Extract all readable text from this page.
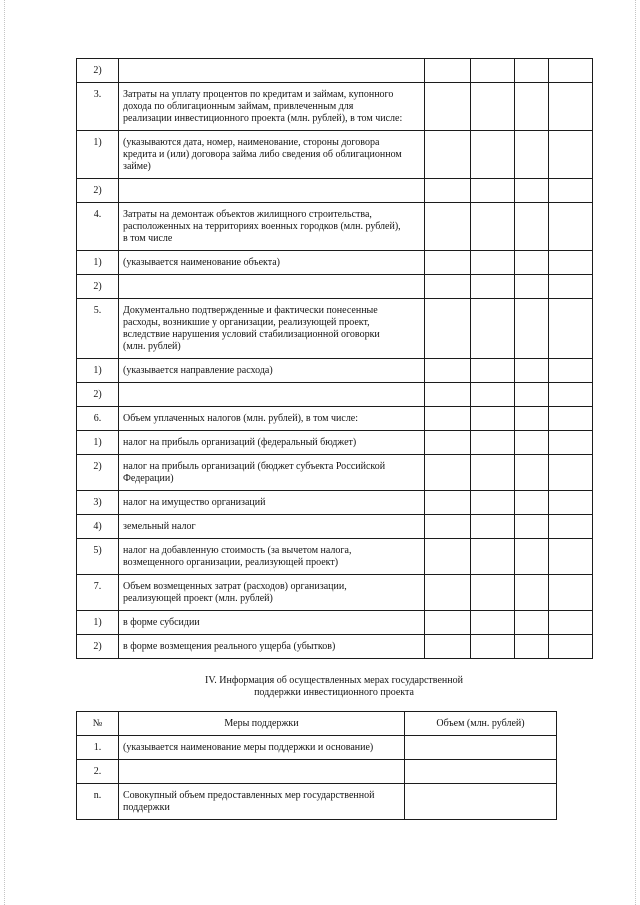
2)					
3.	Затраты на уплату процентов по кредитам и займам, купонного
дохода по облигационным займам, привлеченным для
реализации инвестиционного проекта (млн. рублей), в том числе:				

1)	(указываются дата, номер, наименование, стороны договора
кредита и (или) договора займа либо сведения об облигационном
займе)				

2)					
4.	Затраты на демонтаж объектов жилищного строительства,
расположенных на территориях военных городков (млн. рублей),
в том числе				

1)	(указывается наименование объекта)				

2)					
5.	Документально подтвержденные и фактически понесенные
расходы, возникшие у организации, реализующей проект,
вследствие нарушения условий стабилизационной оговорки
(млн. рублей)				

1)	(указывается направление расхода)				

2)					
6.	Объем уплаченных налогов (млн. рублей), в том числе:				

1)	налог на прибыль организаций (федеральный бюджет)				

2)	налог на прибыль организаций (бюджет субъекта Российской
Федерации)				

3)	налог на имущество организаций				

4)	земельный налог				

5)	налог на добавленную стоимость (за вычетом налога,
возмещенного организации, реализующей проект)				

7.	Объем возмещенных затрат (расходов) организации,
реализующей проект (млн. рублей)				

1)	в форме субсидии				

2)	в форме возмещения реального ущерба (убытков)				

IV. Информация об осуществленных мерах государственной
поддержки инвестиционного проекта
№	Меры поддержки	Объем (млн. рублей)
1.	(указывается наименование меры поддержки и основание)	

2.		
n.	Совокупный объем предоставленных мер государственной
поддержки	
